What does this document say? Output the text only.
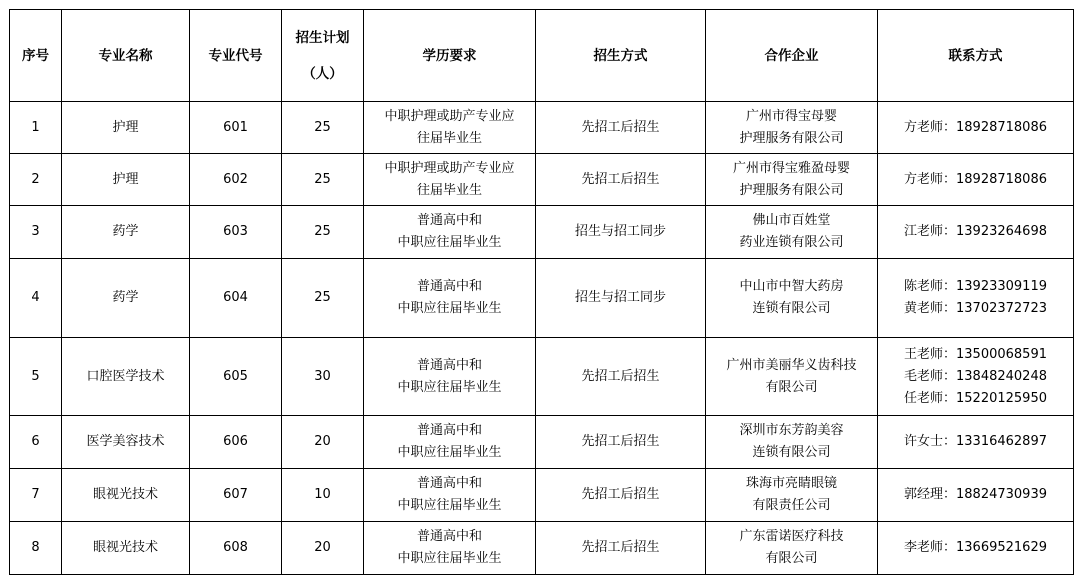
序号	专业名称	专业代号	招生计划
（人）	学历要求	招生方式	合作企业	联系方式
1	护理	601	25	中职护理或助产专业应
往届毕业生	先招工后招生	广州市得宝母婴
护理服务有限公司	方老师：18928718086
2	护理	602	25	中职护理或助产专业应
往届毕业生	先招工后招生	广州市得宝雅盈母婴
护理服务有限公司	方老师：18928718086
3	药学	603	25	普通高中和
中职应往届毕业生	招生与招工同步	佛山市百姓堂
药业连锁有限公司	江老师：13923264698
4	药学	604	25	普通高中和
中职应往届毕业生	招生与招工同步	中山市中智大药房
连锁有限公司	陈老师：13923309119
黄老师：13702372723
5	口腔医学技术	605	30	普通高中和
中职应往届毕业生	先招工后招生	广州市美丽华义齿科技
有限公司	王老师：13500068591
毛老师：13848240248
任老师：15220125950
6	医学美容技术	606	20	普通高中和
中职应往届毕业生	先招工后招生	深圳市东芳韵美容
连锁有限公司	许女士：13316462897
7	眼视光技术	607	10	普通高中和
中职应往届毕业生	先招工后招生	珠海市亮睛眼镜
有限责任公司	郭经理：18824730939
8	眼视光技术	608	20	普通高中和
中职应往届毕业生	先招工后招生	广东雷诺医疗科技
有限公司	李老师：13669521629
